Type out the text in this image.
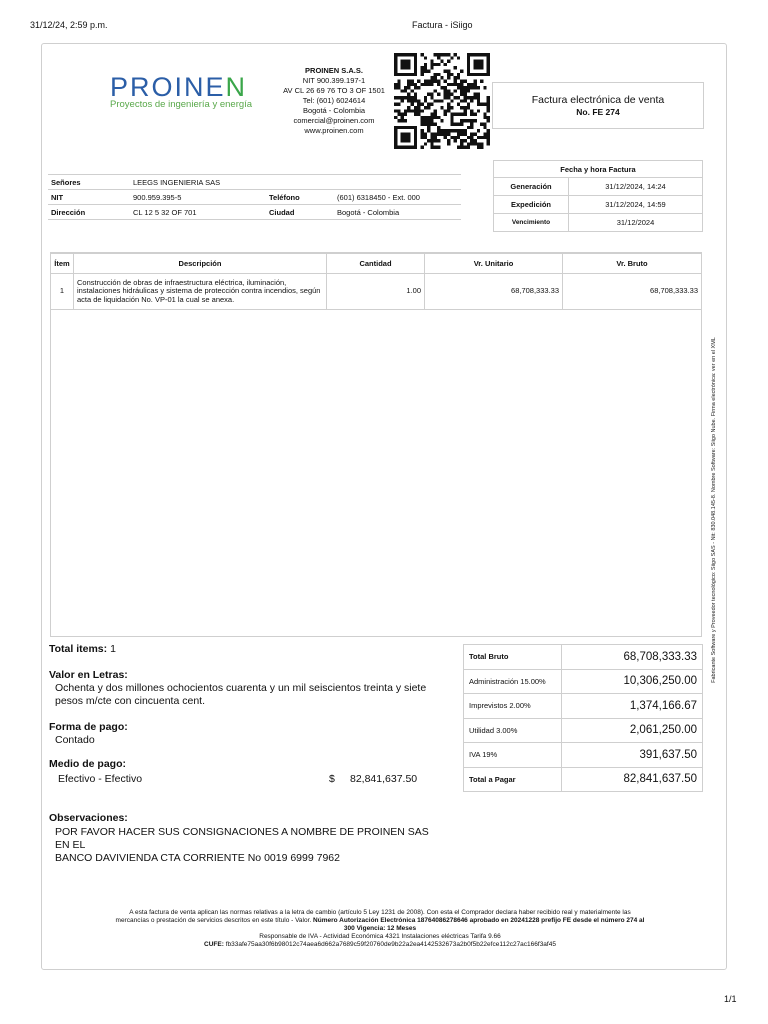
31/12/24, 2:59 p.m.	Factura - iSiigo
PROINEN
Proyectos de ingeniería y energía
PROINEN S.A.S.
NIT 900.399.197-1
AV CL 26 69 76 TO 3 OF 1501
Tel: (601) 6024614
Bogotá - Colombia
comercial@proinen.com
www.proinen.com
Factura electrónica de venta
No. FE 274
Señores	LEEGS INGENIERIA SAS		
NIT	900.959.395-5	Teléfono	(601) 6318450 - Ext. 000
Dirección	CL 12 5 32 OF 701	Ciudad	Bogotá - Colombia
Fecha y hora Factura	
Generación	31/12/2024, 14:24
Expedición	31/12/2024, 14:59
Vencimiento	31/12/2024
Ítem	Descripción	Cantidad	Vr. Unitario	Vr. Bruto
1	Construcción de obras de infraestructura eléctrica, iluminación, instalaciones hidráulicas y sistema de protección contra incendios, según acta de liquidación No. VP-01 la cual se anexa.	1.00	68,708,333.33	68,708,333.33
Fabricante Software y Proveedor tecnológico: Siigo SAS - Nit: 830.048.145-8. Nombre Software: Siigo Nube. Firma electrónica: ver en el XML
Total items: 1
Valor en Letras:
Ochenta y dos millones ochocientos cuarenta y un mil seiscientos treinta y siete pesos m/cte con cincuenta cent.
Forma de pago:
Contado
Medio de pago:
Efectivo - Efectivo	$ 82,841,637.50
Observaciones:
POR FAVOR HACER SUS CONSIGNACIONES A NOMBRE DE PROINEN SAS
EN EL
BANCO DAVIVIENDA CTA CORRIENTE No 0019 6999 7962
Total Bruto	68,708,333.33
Administración 15.00%	10,306,250.00
Imprevistos 2.00%	1,374,166.67
Utilidad 3.00%	2,061,250.00
IVA 19%	391,637.50
Total a Pagar	82,841,637.50
A esta factura de venta aplican las normas relativas a la letra de cambio (artículo 5 Ley 1231 de 2008). Con esta el Comprador declara haber recibido real y materialmente las
mercancías o prestación de servicios descritos en este título - Valor. Número Autorización Electrónica 18764086278646 aprobado en 20241228 prefijo FE desde el número 274 al
300 Vigencia: 12 Meses
Responsable de IVA - Actividad Económica 4321 Instalaciones eléctricas Tarifa 9.66
CUFE: fb33afe75aa30f6b98012c74aea6d662a7689c59f20760de9b22a2ea4142532673a2b0f5b22efce112c27ac166f3af45
1/1
